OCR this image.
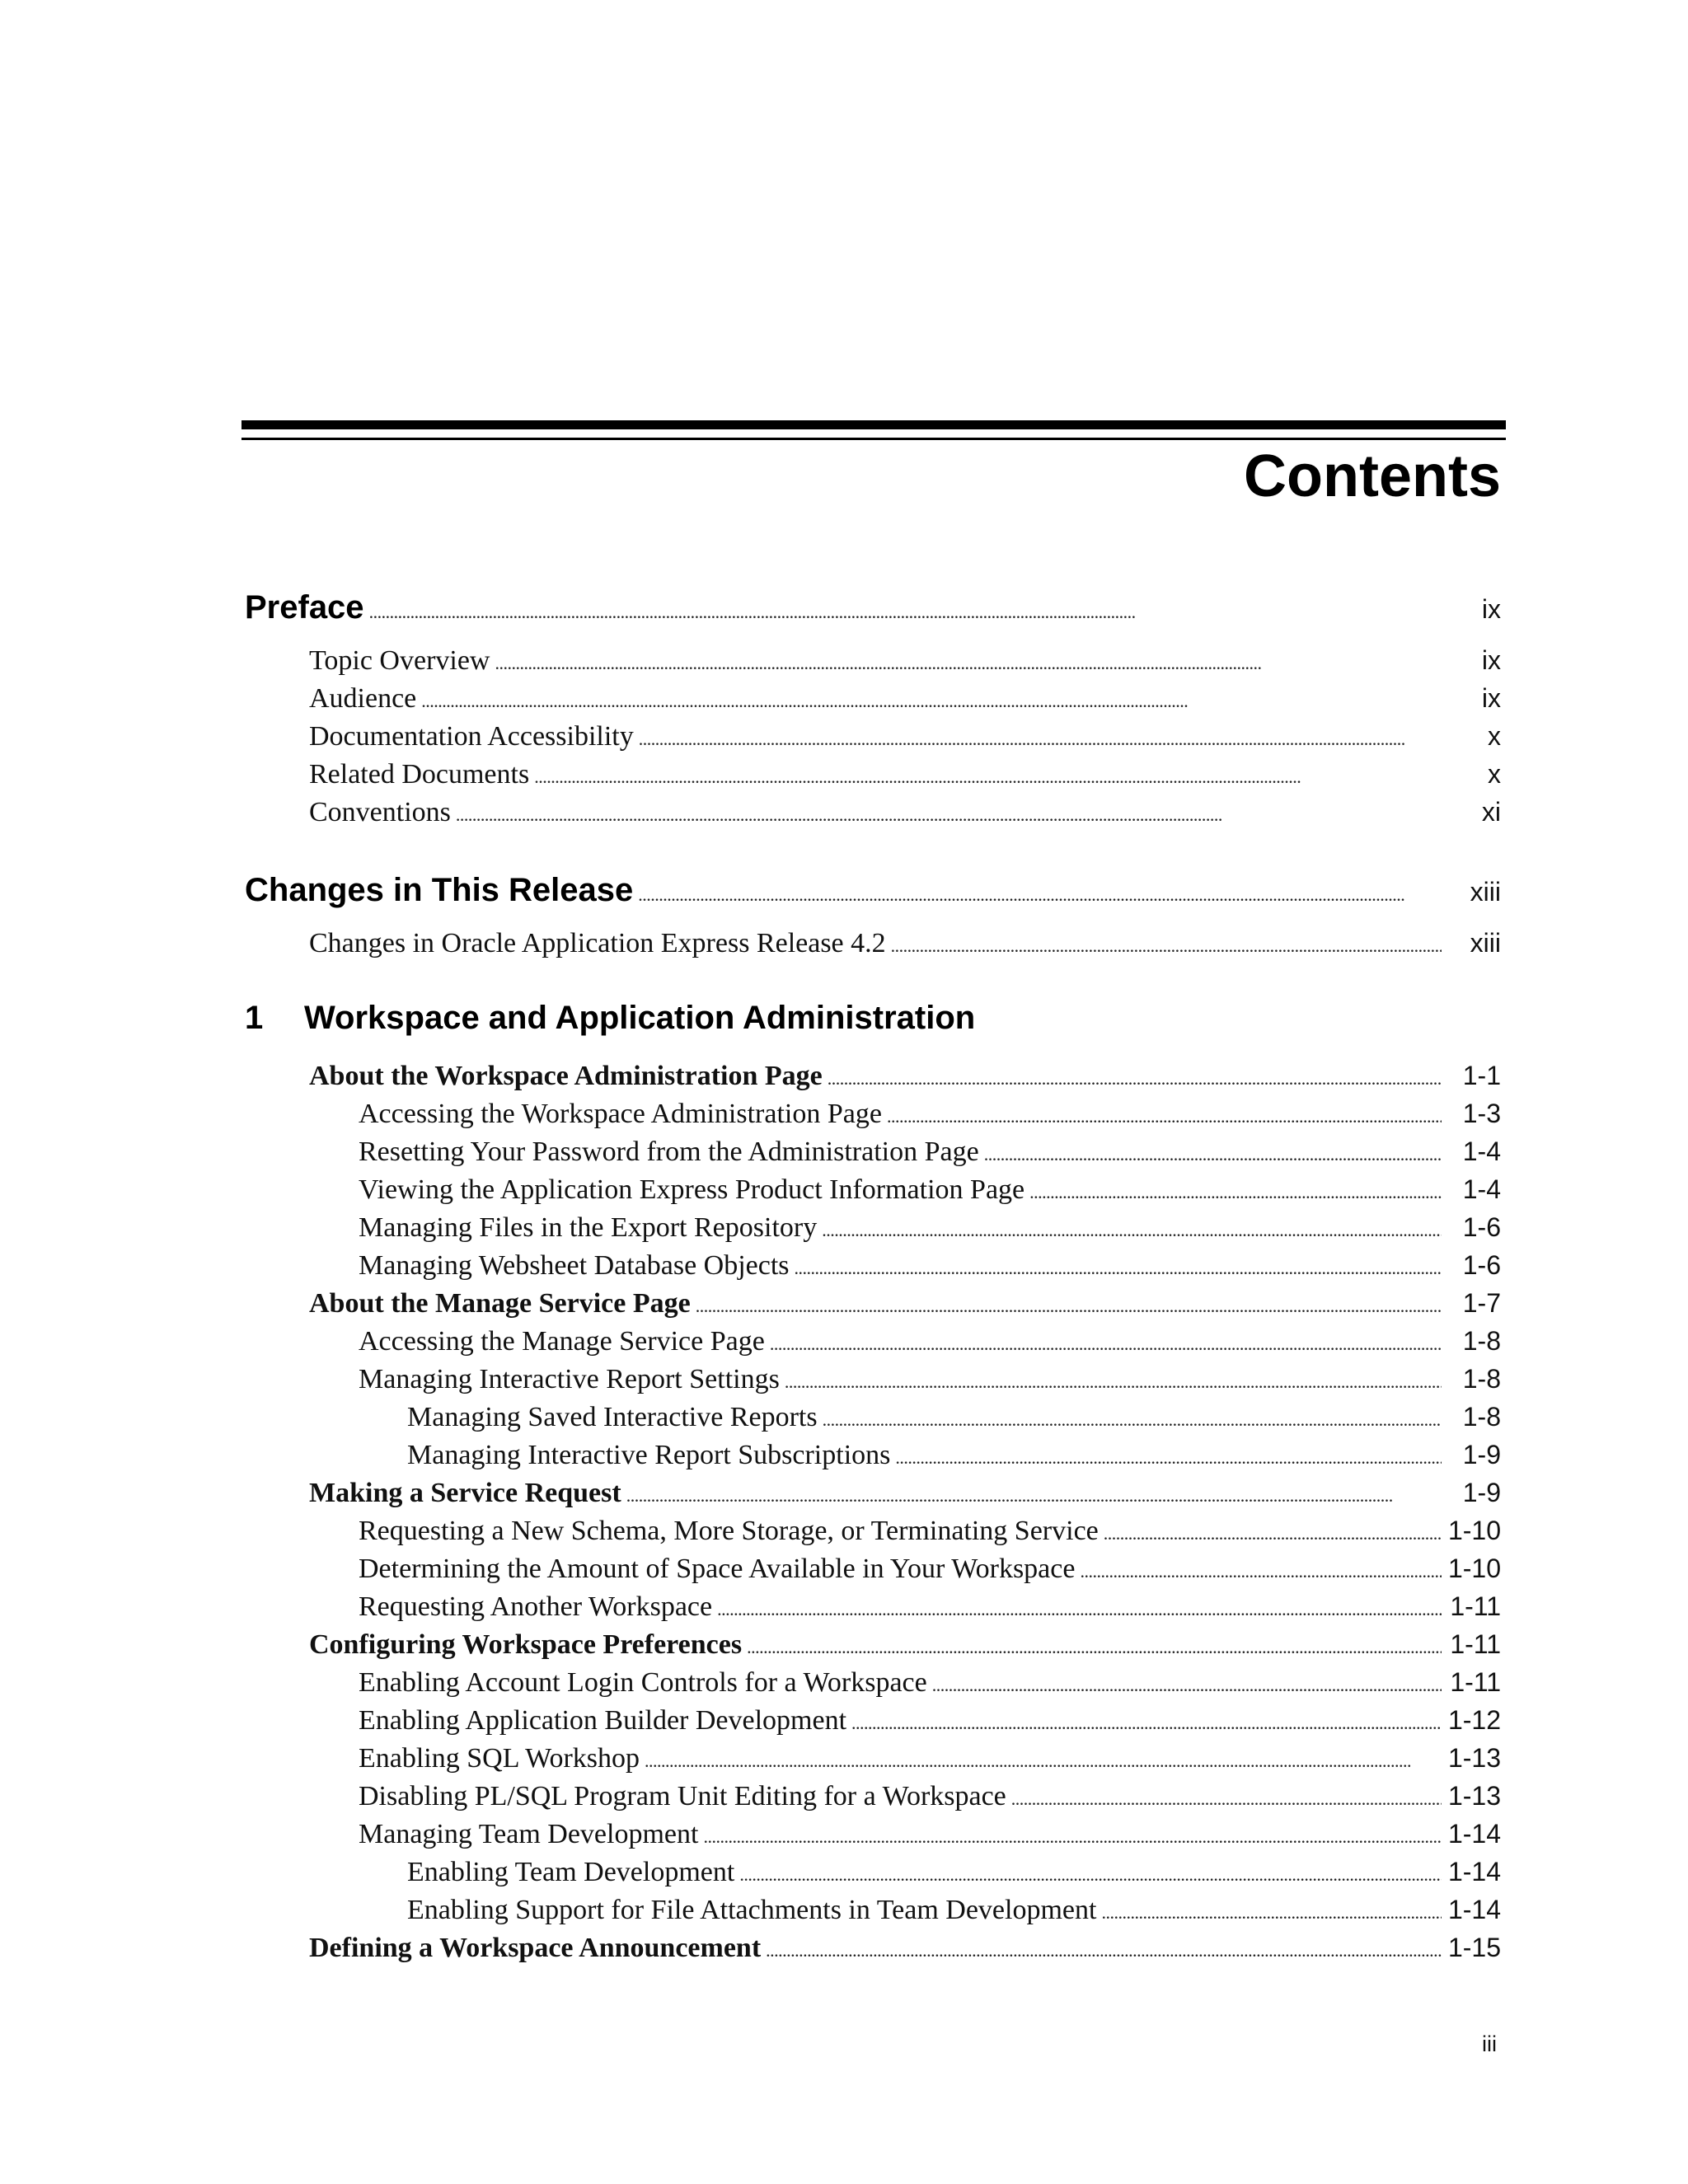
Contents
Preface . . .	ix
Topic Overview . . .	ix
Audience . . .	ix
Documentation Accessibility . . .	x
Related Documents . . .	x
Conventions . . .	xi
Changes in This Release . . .	xiii
Changes in Oracle Application Express Release 4.2 . . .	xiii
1 Workspace and Application Administration
About the Workspace Administration Page . . .	1-1
Accessing the Workspace Administration Page . . .	1-3
Resetting Your Password from the Administration Page . . .	1-4
Viewing the Application Express Product Information Page . . .	1-4
Managing Files in the Export Repository . . .	1-6
Managing Websheet Database Objects . . .	1-6
About the Manage Service Page . . .	1-7
Accessing the Manage Service Page . . .	1-8
Managing Interactive Report Settings . . .	1-8
Managing Saved Interactive Reports . . .	1-8
Managing Interactive Report Subscriptions . . .	1-9
Making a Service Request . . .	1-9
Requesting a New Schema, More Storage, or Terminating Service . . .	1-10
Determining the Amount of Space Available in Your Workspace . . .	1-10
Requesting Another Workspace . . .	1-11
Configuring Workspace Preferences . . .	1-11
Enabling Account Login Controls for a Workspace . . .	1-11
Enabling Application Builder Development . . .	1-12
Enabling SQL Workshop . . .	1-13
Disabling PL/SQL Program Unit Editing for a Workspace . . .	1-13
Managing Team Development . . .	1-14
Enabling Team Development . . .	1-14
Enabling Support for File Attachments in Team Development . . .	1-14
Defining a Workspace Announcement . . .	1-15
iii
